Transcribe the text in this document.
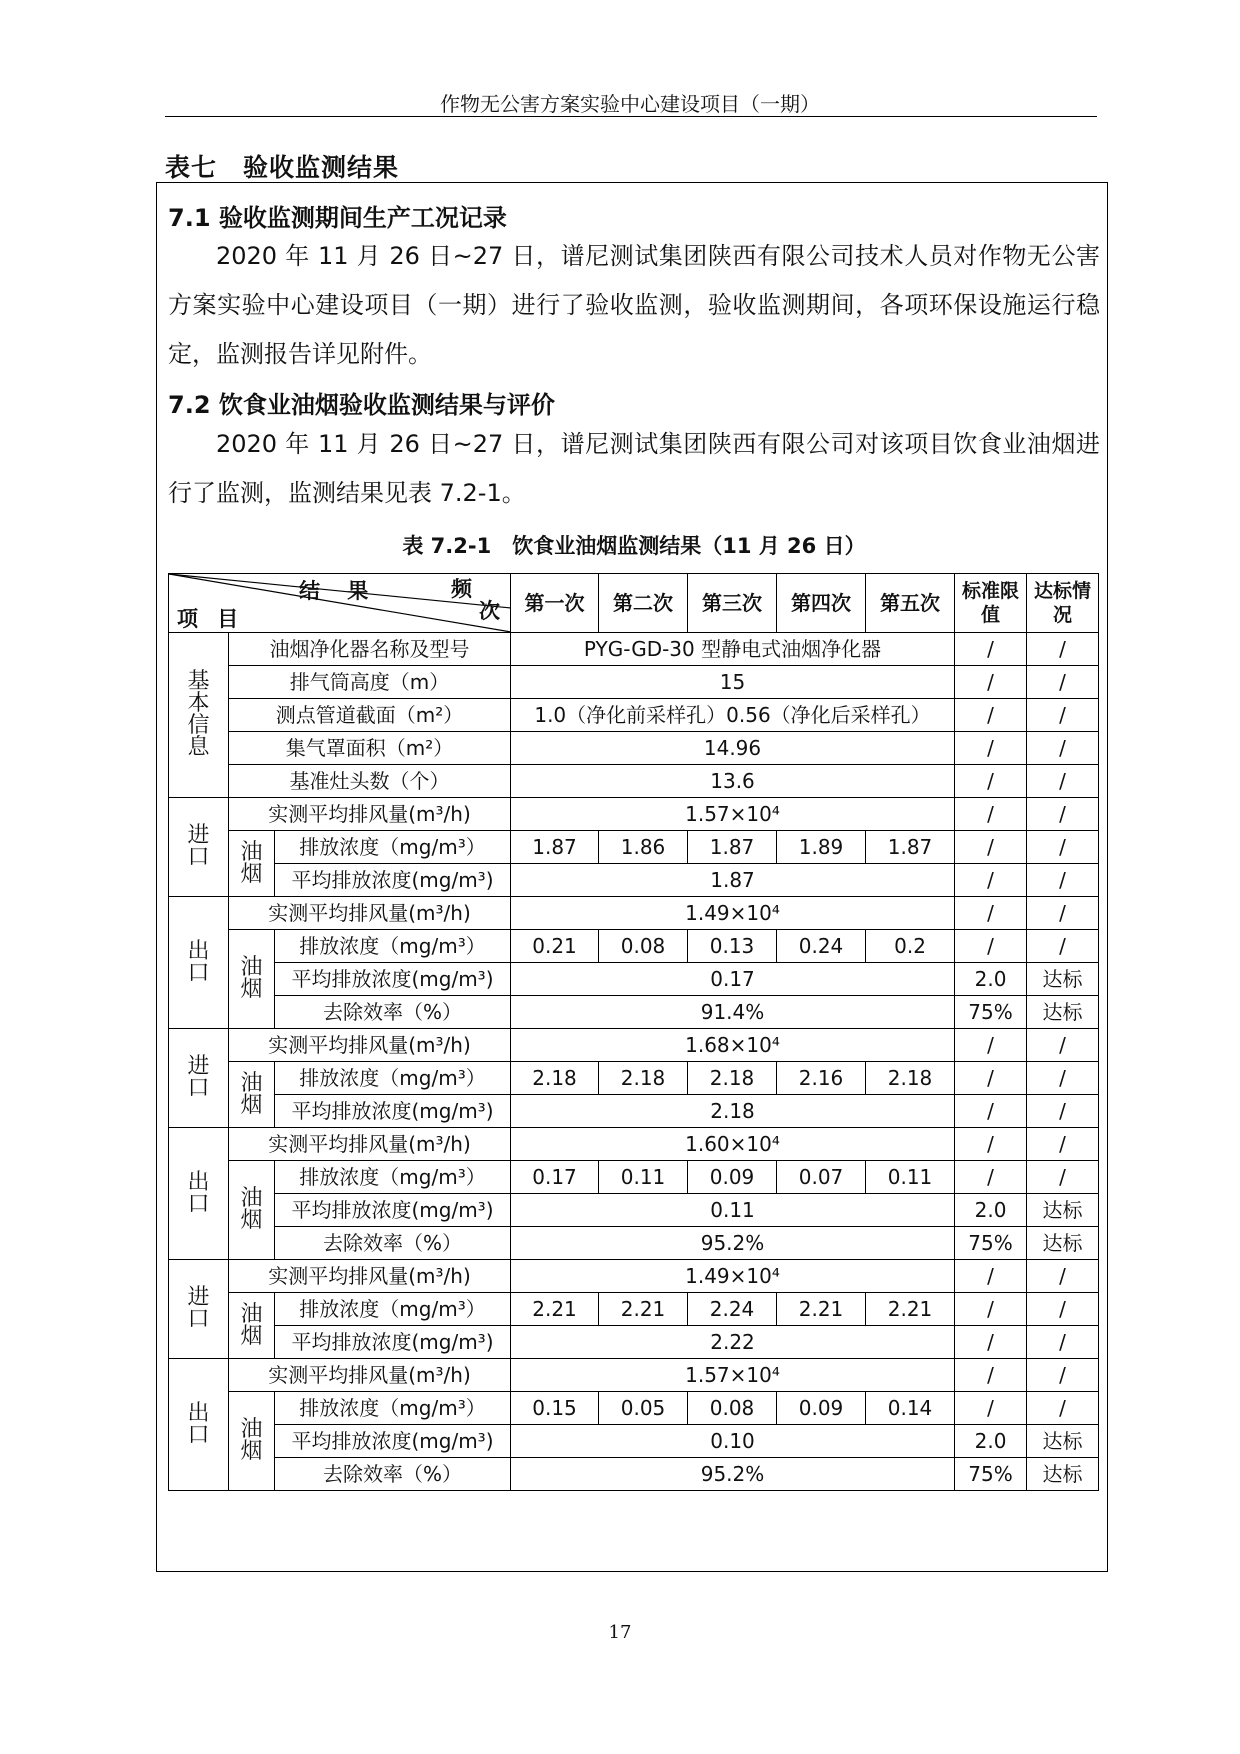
作物无公害方案实验中心建设项目（一期）
表七　验收监测结果
7.1 验收监测期间生产工况记录
2020 年 11 月 26 日~27 日，谱尼测试集团陕西有限公司技术人员对作物无公害方案实验中心建设项目（一期）进行了验收监测，验收监测期间，各项环保设施运行稳定，监测报告详见附件。
7.2 饮食业油烟验收监测结果与评价
2020 年 11 月 26 日~27 日，谱尼测试集团陕西有限公司对该项目饮食业油烟进行了监测，监测结果见表 7.2-1。
表 7.2-1　饮食业油烟监测结果（11 月 26 日）
结 果 频
次
项 目			第一次	第二次	第三次	第四次	第五次	标准限值	达标情况

基本信息	油烟净化器名称及型号		PYG-GD-30 型静电式油烟净化器					/	/
	排气筒高度（m）		15					/	/
	测点管道截面（m²）		1.0（净化前采样孔）0.56（净化后采样孔）					/	/
	集气罩面积（m²）		14.96					/	/
	基准灶头数（个）		13.6					/	/

进口	实测平均排风量(m³/h)		1.57×10⁴					/	/

	油烟	排放浓度（mg/m³）	1.87	1.86	1.87	1.89	1.87	/	/
		平均排放浓度(mg/m³)	1.87					/	/

出口	实测平均排风量(m³/h)		1.49×10⁴					/	/

	油烟	排放浓度（mg/m³）	0.21	0.08	0.13	0.24	0.2	/	/
		平均排放浓度(mg/m³)	0.17					2.0	达标
		去除效率（%）	91.4%					75%	达标

进口	实测平均排风量(m³/h)		1.68×10⁴					/	/

	油烟	排放浓度（mg/m³）	2.18	2.18	2.18	2.16	2.18	/	/
		平均排放浓度(mg/m³)	2.18					/	/

出口	实测平均排风量(m³/h)		1.60×10⁴					/	/

	油烟	排放浓度（mg/m³）	0.17	0.11	0.09	0.07	0.11	/	/
		平均排放浓度(mg/m³)	0.11					2.0	达标
		去除效率（%）	95.2%					75%	达标

进口	实测平均排风量(m³/h)		1.49×10⁴					/	/

	油烟	排放浓度（mg/m³）	2.21	2.21	2.24	2.21	2.21	/	/
		平均排放浓度(mg/m³)	2.22					/	/

出口	实测平均排风量(m³/h)		1.57×10⁴					/	/

	油烟	排放浓度（mg/m³）	0.15	0.05	0.08	0.09	0.14	/	/
		平均排放浓度(mg/m³)	0.10					2.0	达标
		去除效率（%）	95.2%					75%	达标
17
